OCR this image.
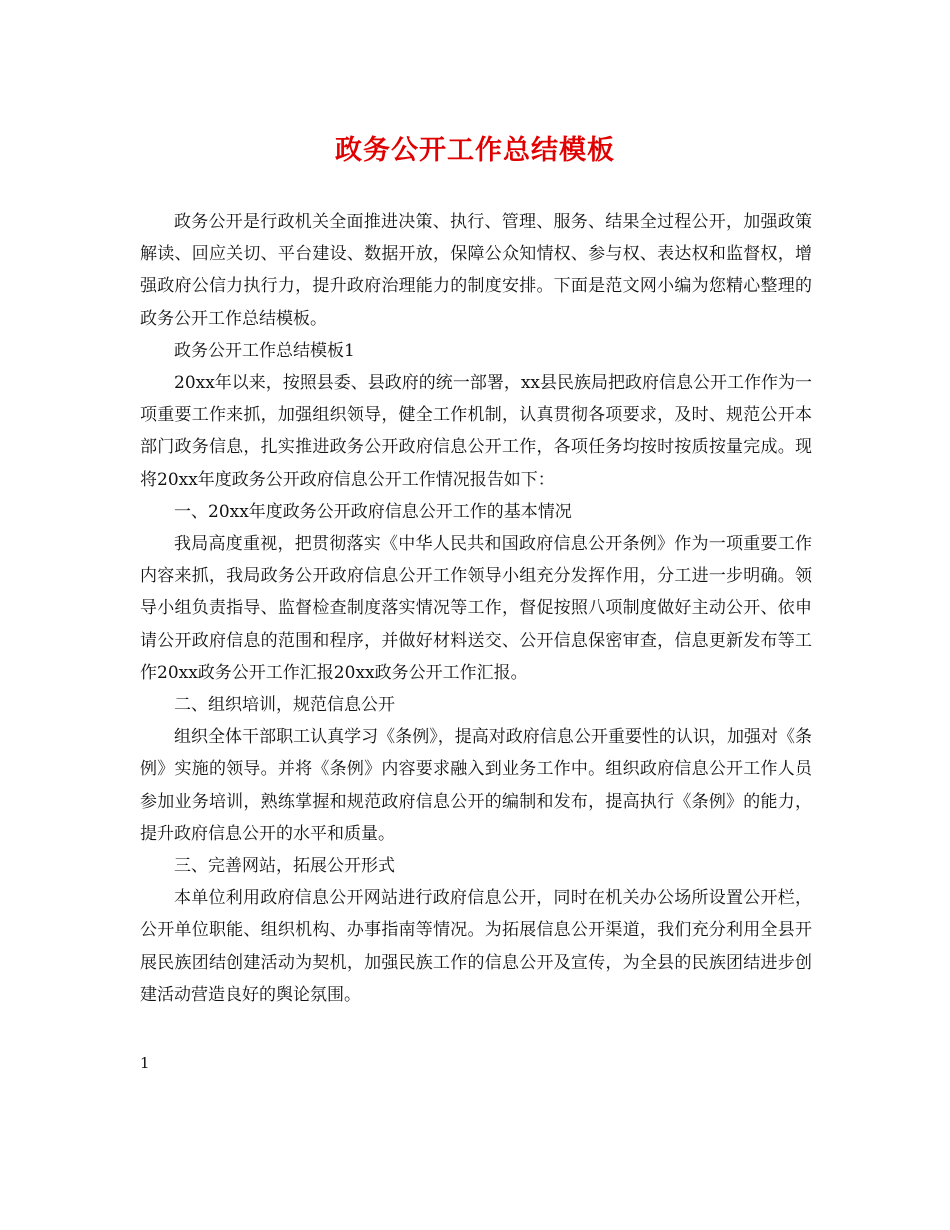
政务公开工作总结模板

政务公开是行政机关全面推进决策、执行、管理、服务、结果全过程公开，加强政策解读、回应关切、平台建设、数据开放，保障公众知情权、参与权、表达权和监督权，增强政府公信力执行力，提升政府治理能力的制度安排。下面是范文网小编为您精心整理的政务公开工作总结模板。

政务公开工作总结模板1

20xx年以来，按照县委、县政府的统一部署，xx县民族局把政府信息公开工作作为一项重要工作来抓，加强组织领导，健全工作机制，认真贯彻各项要求，及时、规范公开本部门政务信息，扎实推进政务公开政府信息公开工作，各项任务均按时按质按量完成。现将20xx年度政务公开政府信息公开工作情况报告如下：

一、20xx年度政务公开政府信息公开工作的基本情况

我局高度重视，把贯彻落实《中华人民共和国政府信息公开条例》作为一项重要工作内容来抓，我局政务公开政府信息公开工作领导小组充分发挥作用，分工进一步明确。领导小组负责指导、监督检查制度落实情况等工作，督促按照八项制度做好主动公开、依申请公开政府信息的范围和程序，并做好材料送交、公开信息保密审查，信息更新发布等工作20xx政务公开工作汇报20xx政务公开工作汇报。

二、组织培训，规范信息公开

组织全体干部职工认真学习《条例》，提高对政府信息公开重要性的认识，加强对《条例》实施的领导。并将《条例》内容要求融入到业务工作中。组织政府信息公开工作人员参加业务培训，熟练掌握和规范政府信息公开的编制和发布，提高执行《条例》的能力，提升政府信息公开的水平和质量。

三、完善网站，拓展公开形式

本单位利用政府信息公开网站进行政府信息公开，同时在机关办公场所设置公开栏，公开单位职能、组织机构、办事指南等情况。为拓展信息公开渠道，我们充分利用全县开展民族团结创建活动为契机，加强民族工作的信息公开及宣传，为全县的民族团结进步创建活动营造良好的舆论氛围。

1
